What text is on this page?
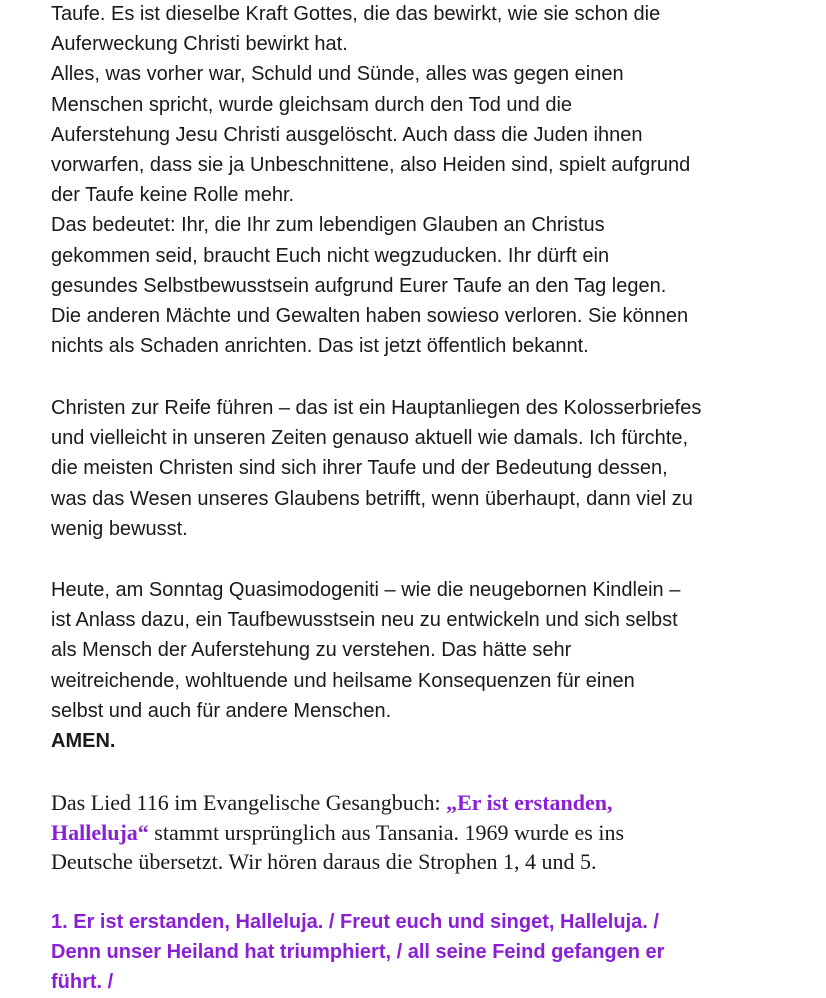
Taufe. Es ist dieselbe Kraft Gottes, die das bewirkt, wie sie schon die
Auferweckung Christi bewirkt hat.
Alles, was vorher war, Schuld und Sünde, alles was gegen einen
Menschen spricht, wurde gleichsam durch den Tod und die
Auferstehung Jesu Christi ausgelöscht. Auch dass die Juden ihnen
vorwarfen, dass sie ja Unbeschnittene, also Heiden sind, spielt aufgrund
der Taufe keine Rolle mehr.
Das bedeutet: Ihr, die Ihr zum lebendigen Glauben an Christus
gekommen seid, braucht Euch nicht wegzuducken. Ihr dürft ein
gesundes Selbstbewusstsein aufgrund Eurer Taufe an den Tag legen.
Die anderen Mächte und Gewalten haben sowieso verloren. Sie können
nichts als Schaden anrichten. Das ist jetzt öffentlich bekannt.

Christen zur Reife führen – das ist ein Hauptanliegen des Kolosserbriefes
und vielleicht in unseren Zeiten genauso aktuell wie damals. Ich fürchte,
die meisten Christen sind sich ihrer Taufe und der Bedeutung dessen,
was das Wesen unseres Glaubens betrifft, wenn überhaupt, dann viel zu
wenig bewusst.

Heute, am Sonntag Quasimodogeniti – wie die neugebornen Kindlein –
ist Anlass dazu, ein Taufbewusstsein neu zu entwickeln und sich selbst
als Mensch der Auferstehung zu verstehen. Das hätte sehr
weitreichende, wohltuende und heilsame Konsequenzen für einen
selbst und auch für andere Menschen.
AMEN.

Das Lied 116 im Evangelische Gesangbuch: „Er ist erstanden,
Halleluja“ stammt ursprünglich aus Tansania. 1969 wurde es ins
Deutsche übersetzt. Wir hören daraus die Strophen 1, 4 und 5.

1. Er ist erstanden, Halleluja. / Freut euch und singet, Halleluja. /
Denn unser Heiland hat triumphiert, / all seine Feind gefangen er
führt. /
